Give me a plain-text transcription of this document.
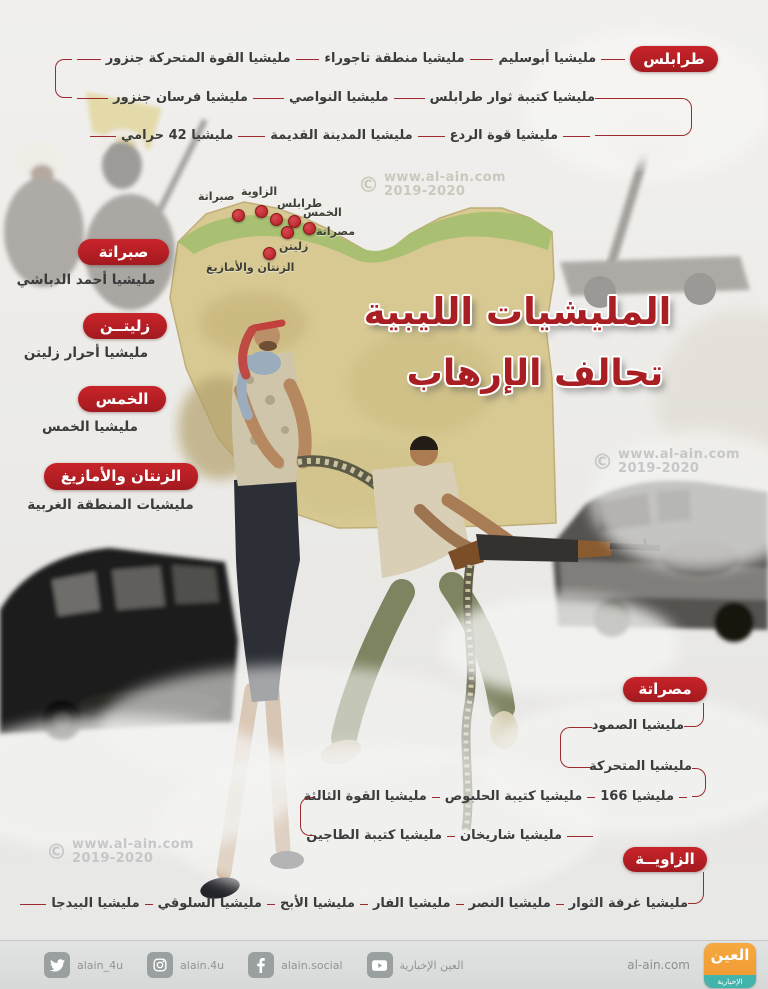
صبراتة الزاوية
طرابلس
الخمس
مصراتة
زليتن
الزنتان والأمازيغ
© www.al-ain.com
2019-2020
© www.al-ain.com
2019-2020
© www.al-ain.com
2019-2020
المليشيات الليبية
تحالف الإرهاب
طرابلس
مليشيا أبوسليم
مليشيا منطقة تاجوراء
مليشيا القوة المتحركة جنزور
مليشيا كتيبة ثوار طرابلس
مليشيا النواصي
مليشيا فرسان جنزور
مليشيا قوة الردع
مليشيا المدينة القديمة
مليشيا 42 حرامي
صبراتة
مليشيا أحمد الدباشي
زليتــن
مليشيا أحرار زليتن
الخمس
مليشيا الخمس
الزنتان والأمازيغ
مليشيات المنطقة الغربية
مصراتة
مليشيا الصمود
مليشيا المتحركة
مليشيا 166
مليشيا كتيبة الحلبوص
مليشيا القوة الثالثة
مليشيا شاريخان
مليشيا كتيبة الطاجين
الزاويــة
مليشيا غرفة الثوار
مليشيا النصر
مليشيا الفار
مليشيا الأبح
مليشيا السلوقي
مليشيا البيدجا
alain_4u	alain.4u	alain.social	العين الإخبارية	al-ain.com
العين
الإخبارية
